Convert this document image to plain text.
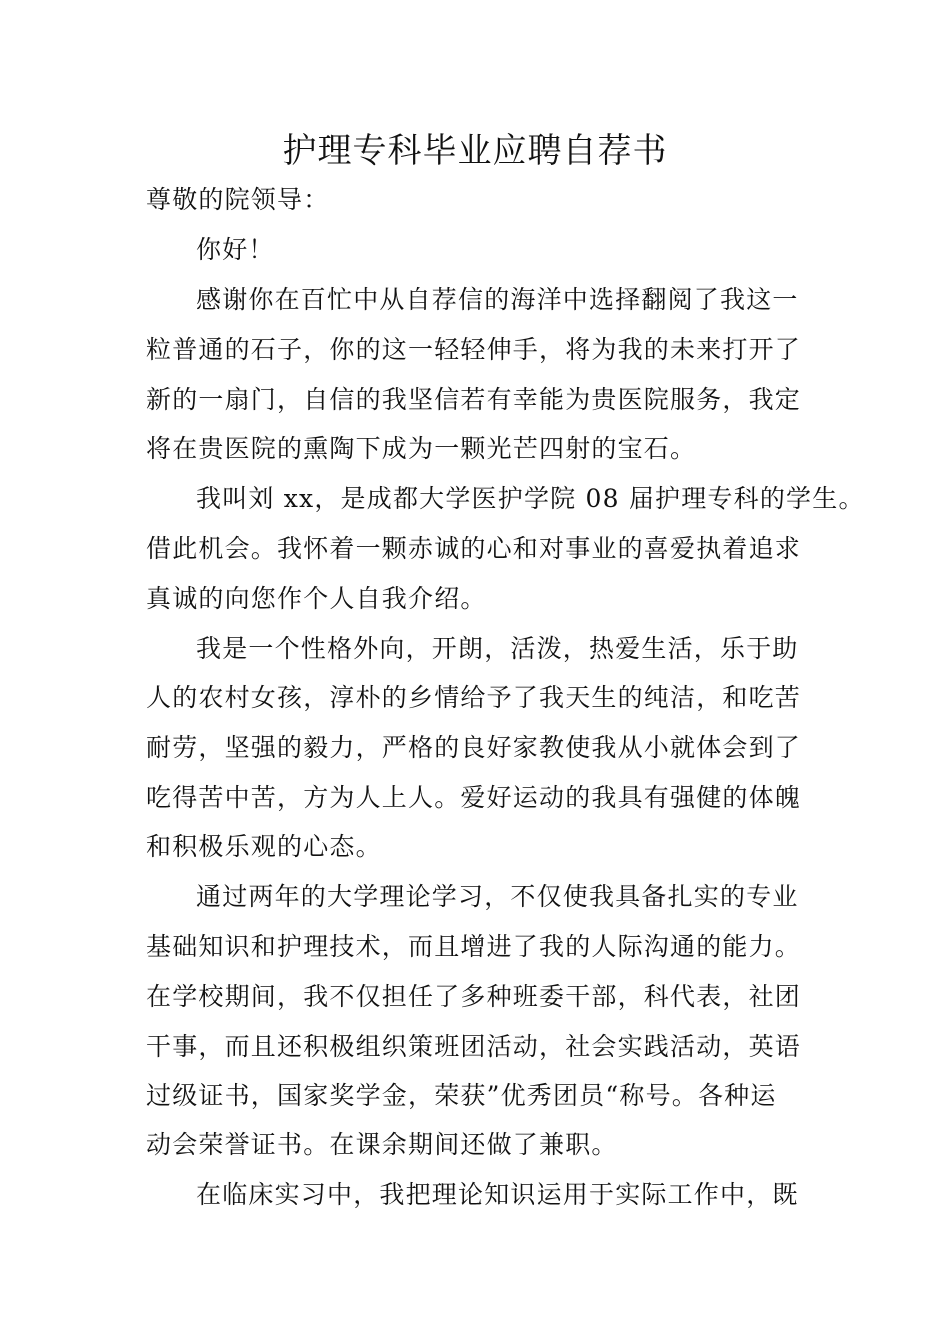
护理专科毕业应聘自荐书

尊敬的院领导：

你好！

感谢你在百忙中从自荐信的海洋中选择翻阅了我这一

粒普通的石子，你的这一轻轻伸手，将为我的未来打开了

新的一扇门，自信的我坚信若有幸能为贵医院服务，我定

将在贵医院的熏陶下成为一颗光芒四射的宝石。

我叫刘 xx，是成都大学医护学院 08 届护理专科的学生。

借此机会。我怀着一颗赤诚的心和对事业的喜爱执着追求

真诚的向您作个人自我介绍。

我是一个性格外向，开朗，活泼，热爱生活，乐于助

人的农村女孩，淳朴的乡情给予了我天生的纯洁，和吃苦

耐劳，坚强的毅力，严格的良好家教使我从小就体会到了

吃得苦中苦，方为人上人。爱好运动的我具有强健的体魄

和积极乐观的心态。

通过两年的大学理论学习，不仅使我具备扎实的专业

基础知识和护理技术，而且增进了我的人际沟通的能力。

在学校期间，我不仅担任了多种班委干部，科代表，社团

干事，而且还积极组织策班团活动，社会实践活动，英语

过级证书，国家奖学金，荣获”优秀团员“称号。各种运

动会荣誉证书。在课余期间还做了兼职。

在临床实习中，我把理论知识运用于实际工作中，既
